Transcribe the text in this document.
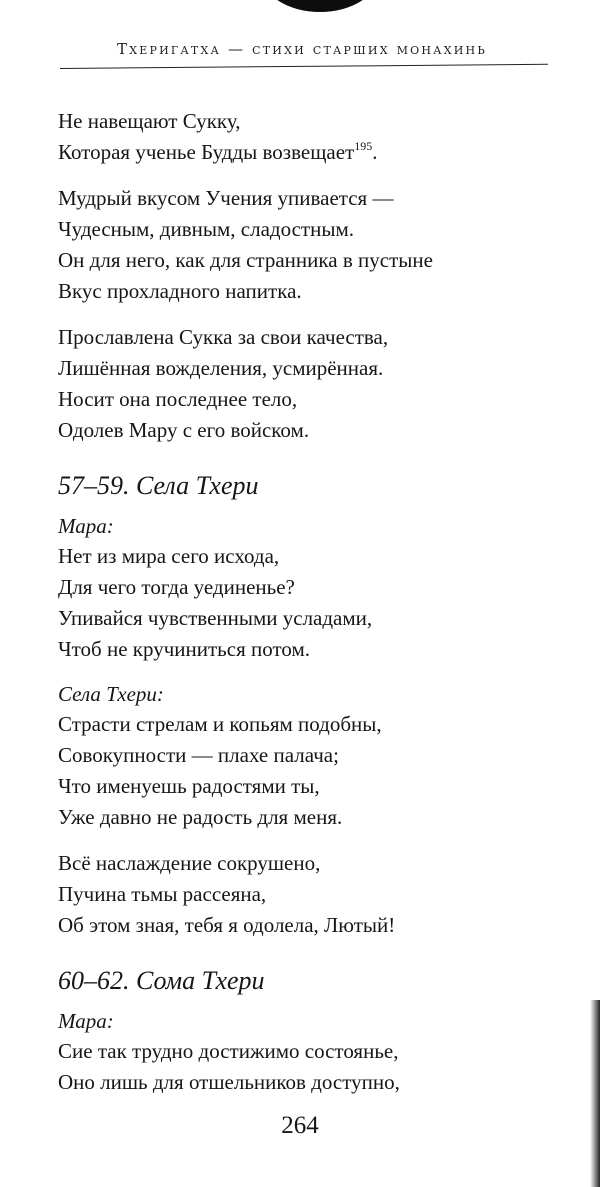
Тхеригатха — стихи старших монахинь
Не навещают Сукку,
Которая ученье Будды возвещает$^{195}$.
Мудрый вкусом Учения упивается —
Чудесным, дивным, сладостным.
Он для него, как для странника в пустыне
Вкус прохладного напитка.
Прославлена Сукка за свои качества,
Лишённая вожделения, усмирённая.
Носит она последнее тело,
Одолев Мару с его войском.
57–59. Села Тхери
Мара:
Нет из мира сего исхода,
Для чего тогда уединенье?
Упивайся чувственными усладами,
Чтоб не кручиниться потом.
Села Тхери:
Страсти стрелам и копьям подобны,
Совокупности — плахе палача;
Что именуешь радостями ты,
Уже давно не радость для меня.
Всё наслаждение сокрушено,
Пучина тьмы рассеяна,
Об этом зная, тебя я одолела, Лютый!
60–62. Сома Тхери
Мара:
Сие так трудно достижимо состоянье,
Оно лишь для отшельников доступно,
264
